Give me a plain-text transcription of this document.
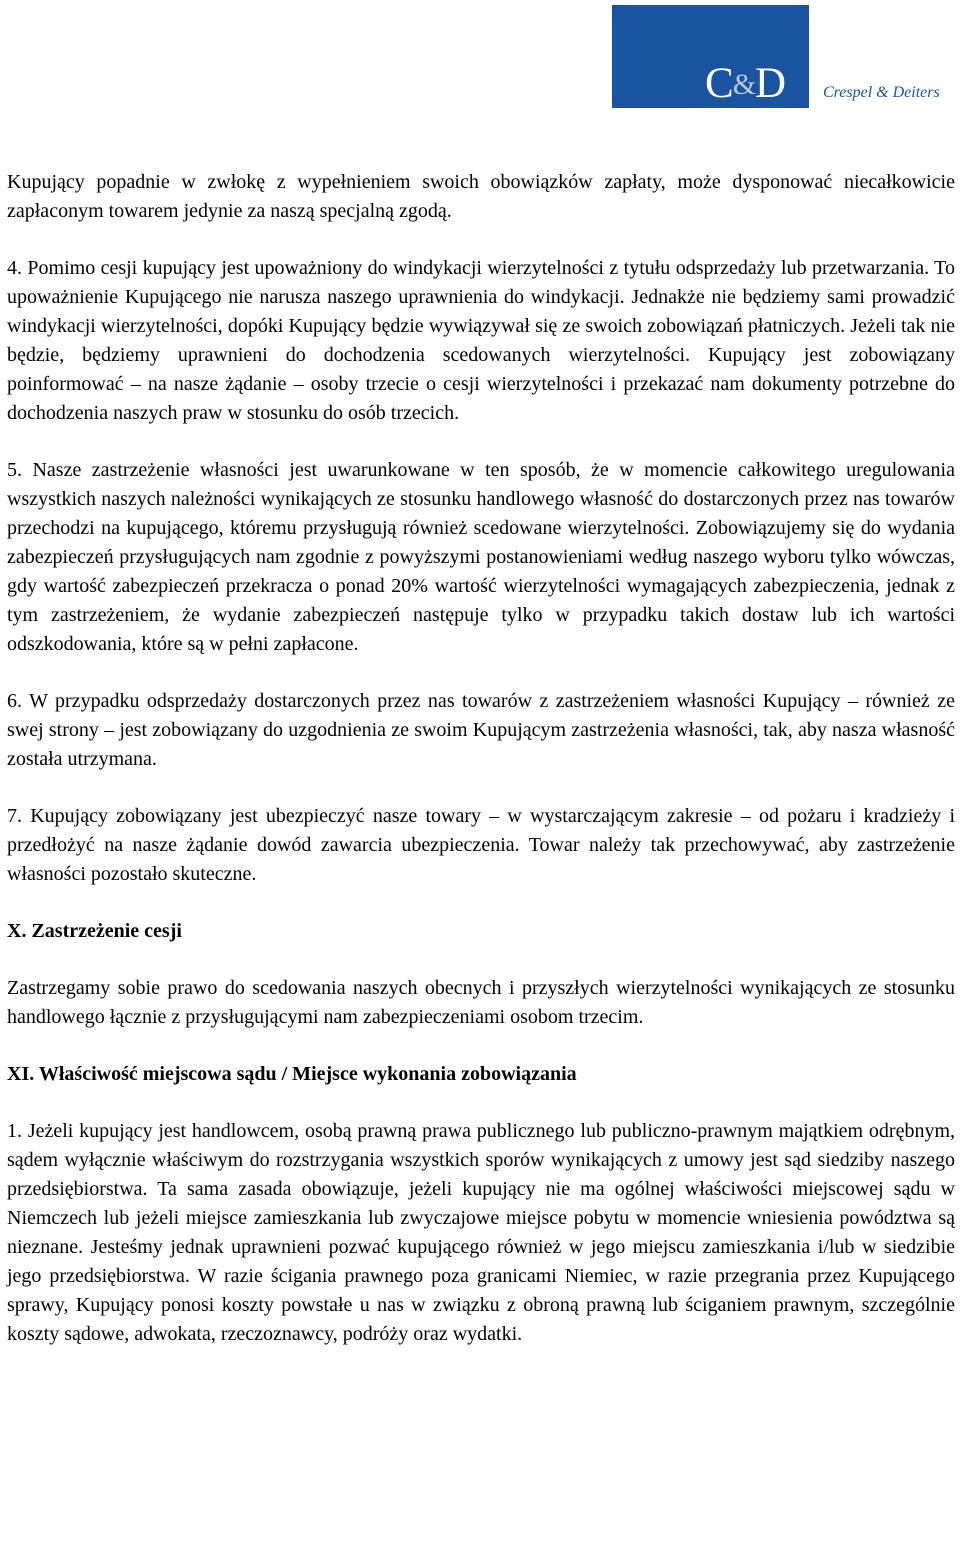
C&D Crespel & Deiters

Kupujący popadnie w zwłokę z wypełnieniem swoich obowiązków zapłaty, może dysponować niecałkowicie zapłaconym towarem jedynie za naszą specjalną zgodą.

4. Pomimo cesji kupujący jest upoważniony do windykacji wierzytelności z tytułu odsprzedaży lub przetwarzania. To upoważnienie Kupującego nie narusza naszego uprawnienia do windykacji. Jednakże nie będziemy sami prowadzić windykacji wierzytelności, dopóki Kupujący będzie wywiązywał się ze swoich zobowiązań płatniczych. Jeżeli tak nie będzie, będziemy uprawnieni do dochodzenia scedowanych wierzytelności. Kupujący jest zobowiązany poinformować – na nasze żądanie – osoby trzecie o cesji wierzytelności i przekazać nam dokumenty potrzebne do dochodzenia naszych praw w stosunku do osób trzecich.

5. Nasze zastrzeżenie własności jest uwarunkowane w ten sposób, że w momencie całkowitego uregulowania wszystkich naszych należności wynikających ze stosunku handlowego własność do dostarczonych przez nas towarów przechodzi na kupującego, któremu przysługują również scedowane wierzytelności. Zobowiązujemy się do wydania zabezpieczeń przysługujących nam zgodnie z powyższymi postanowieniami według naszego wyboru tylko wówczas, gdy wartość zabezpieczeń przekracza o ponad 20% wartość wierzytelności wymagających zabezpieczenia, jednak z tym zastrzeżeniem, że wydanie zabezpieczeń następuje tylko w przypadku takich dostaw lub ich wartości odszkodowania, które są w pełni zapłacone.

6. W przypadku odsprzedaży dostarczonych przez nas towarów z zastrzeżeniem własności Kupujący – również ze swej strony – jest zobowiązany do uzgodnienia ze swoim Kupującym zastrzeżenia własności, tak, aby nasza własność została utrzymana.

7. Kupujący zobowiązany jest ubezpieczyć nasze towary – w wystarczającym zakresie – od pożaru i kradzieży i przedłożyć na nasze żądanie dowód zawarcia ubezpieczenia. Towar należy tak przechowywać, aby zastrzeżenie własności pozostało skuteczne.

X. Zastrzeżenie cesji

Zastrzegamy sobie prawo do scedowania naszych obecnych i przyszłych wierzytelności wynikających ze stosunku handlowego łącznie z przysługującymi nam zabezpieczeniami osobom trzecim.

XI. Właściwość miejscowa sądu / Miejsce wykonania zobowiązania

1. Jeżeli kupujący jest handlowcem, osobą prawną prawa publicznego lub publiczno-prawnym majątkiem odrębnym, sądem wyłącznie właściwym do rozstrzygania wszystkich sporów wynikających z umowy jest sąd siedziby naszego przedsiębiorstwa. Ta sama zasada obowiązuje, jeżeli kupujący nie ma ogólnej właściwości miejscowej sądu w Niemczech lub jeżeli miejsce zamieszkania lub zwyczajowe miejsce pobytu w momencie wniesienia powództwa są nieznane. Jesteśmy jednak uprawnieni pozwać kupującego również w jego miejscu zamieszkania i/lub w siedzibie jego przedsiębiorstwa. W razie ścigania prawnego poza granicami Niemiec, w razie przegrania przez Kupującego sprawy, Kupujący ponosi koszty powstałe u nas w związku z obroną prawną lub ściganiem prawnym, szczególnie koszty sądowe, adwokata, rzeczoznawcy, podróży oraz wydatki.
